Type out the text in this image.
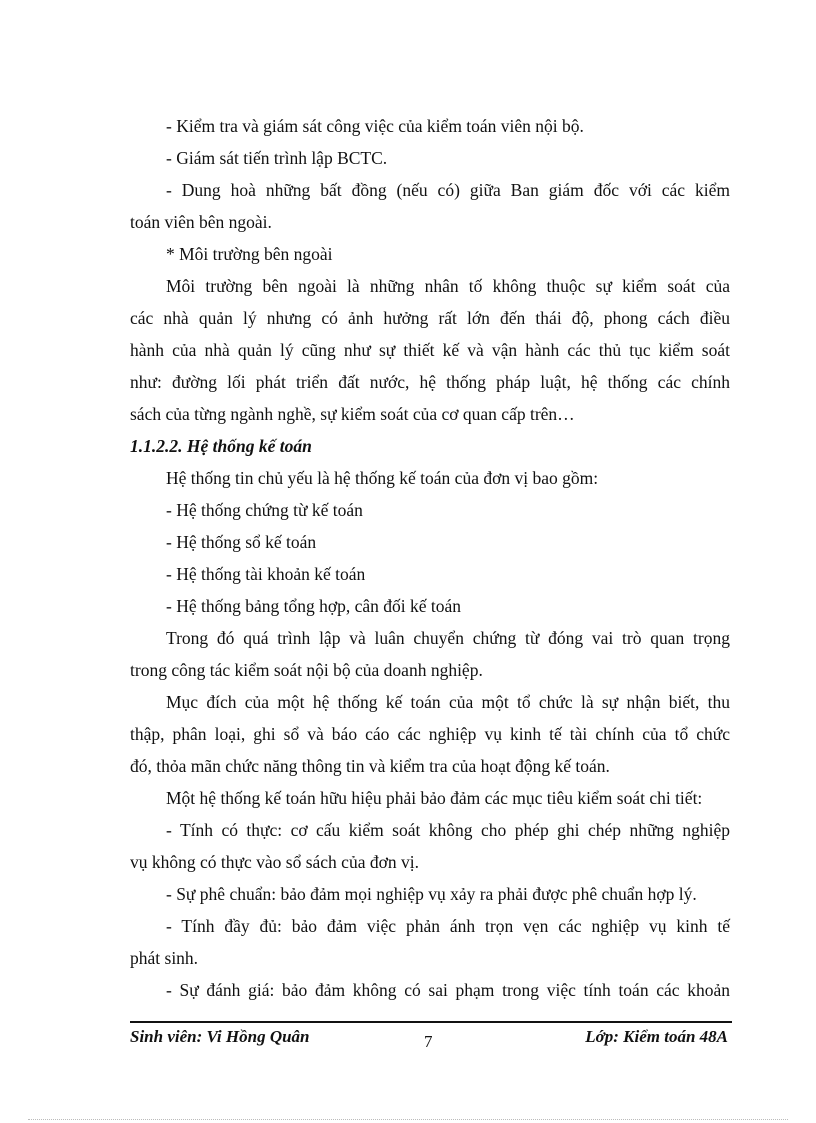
- Kiểm tra và giám sát công việc của kiểm toán viên nội bộ.
- Giám sát tiến trình lập BCTC.
- Dung hoà những bất đồng (nếu có) giữa Ban giám đốc với các kiểm
toán viên bên ngoài.
* Môi trường bên ngoài
Môi trường bên ngoài là những nhân tố không thuộc sự kiểm soát của
các nhà quản lý nhưng có ảnh hưởng rất lớn đến thái độ, phong cách điều
hành của nhà quản lý cũng như sự thiết kế và vận hành các thủ tục kiểm soát
như: đường lối phát triển đất nước, hệ thống pháp luật, hệ thống các chính
sách của từng ngành nghề, sự kiểm soát của cơ quan cấp trên…
1.1.2.2. Hệ thống kế toán
Hệ thống tin chủ yếu là hệ thống kế toán của đơn vị bao gồm:
- Hệ thống chứng từ kế toán
- Hệ thống sổ kế toán
- Hệ thống tài khoản kế toán
- Hệ thống bảng tổng hợp, cân đối kế toán
Trong đó quá trình lập và luân chuyển chứng từ đóng vai trò quan trọng
trong công tác kiểm soát nội bộ của doanh nghiệp.
Mục đích của một hệ thống kế toán của một tổ chức là sự nhận biết, thu
thập, phân loại, ghi sổ và báo cáo các nghiệp vụ kinh tế tài chính của tổ chức
đó, thỏa mãn chức năng thông tin và kiểm tra của hoạt động kế toán.
Một hệ thống kế toán hữu hiệu phải bảo đảm các mục tiêu kiểm soát chi tiết:
- Tính có thực: cơ cấu kiểm soát không cho phép ghi chép những nghiệp
vụ không có thực vào sổ sách của đơn vị.
- Sự phê chuẩn: bảo đảm mọi nghiệp vụ xảy ra phải được phê chuẩn hợp lý.
- Tính đầy đủ: bảo đảm việc phản ánh trọn vẹn các nghiệp vụ kinh tế
phát sinh.
- Sự đánh giá: bảo đảm không có sai phạm trong việc tính toán các khoản
Sinh viên: Vi Hồng Quân	7	Lớp: Kiểm toán 48A
